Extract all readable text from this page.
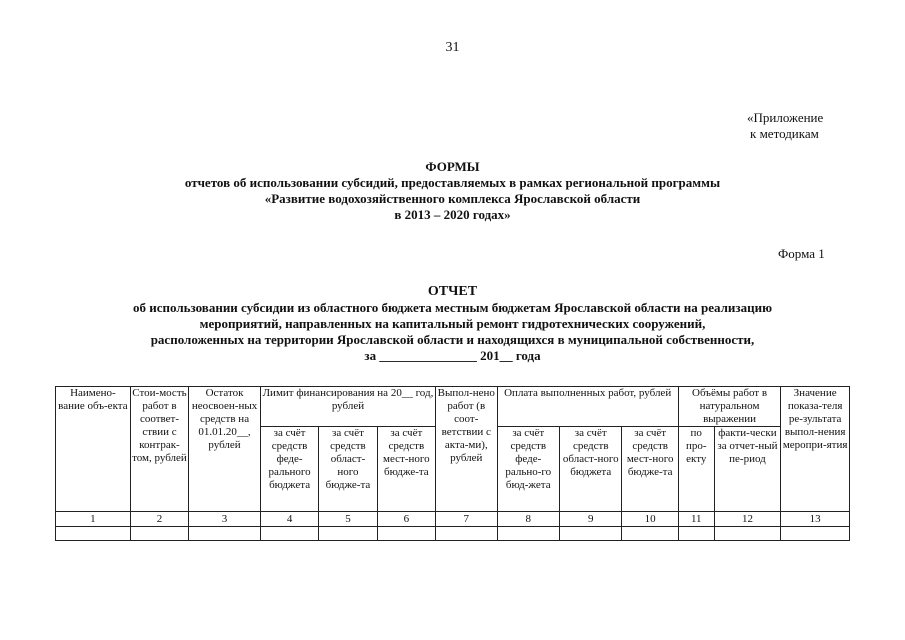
31
«Приложение
к методикам
ФОРМЫ
отчетов об использовании субсидий, предоставляемых в рамках региональной программы
«Развитие водохозяйственного комплекса Ярославской области
в 2013 – 2020 годах»
Форма 1
ОТЧЕТ
об использовании субсидии из областного бюджета местным бюджетам Ярославской области на реализацию
мероприятий, направленных на капитальный ремонт гидротехнических сооружений,
расположенных на территории Ярославской области и находящихся в муниципальной собственности,
за _______________ 201__ года
Наимено-вание объ-екта	Стои-мость работ в соответ-ствии с контрак-том, рублей	Остаток неосвоен-ных средств на 01.01.20__, рублей	Лимит финансирования на 20__ год, рублей			Выпол-нено работ (в соот-ветствии с акта-ми), рублей	Оплата выполненных работ, рублей			Объёмы работ в натуральном выражении		Значение показа-теля ре-зультата выпол-нения меропри-ятия
			за счёт средств феде-рального бюджета	за счёт средств област-ного бюдже-та	за счёт средств мест-ного бюдже-та		за счёт средств феде-рально-го бюд-жета	за счёт средств област-ного бюджета	за счёт средств мест-ного бюдже-та	по про-екту	факти-чески за отчет-ный пе-риод	
1	2	3	4	5	6	7	8	9	10	11	12	13
